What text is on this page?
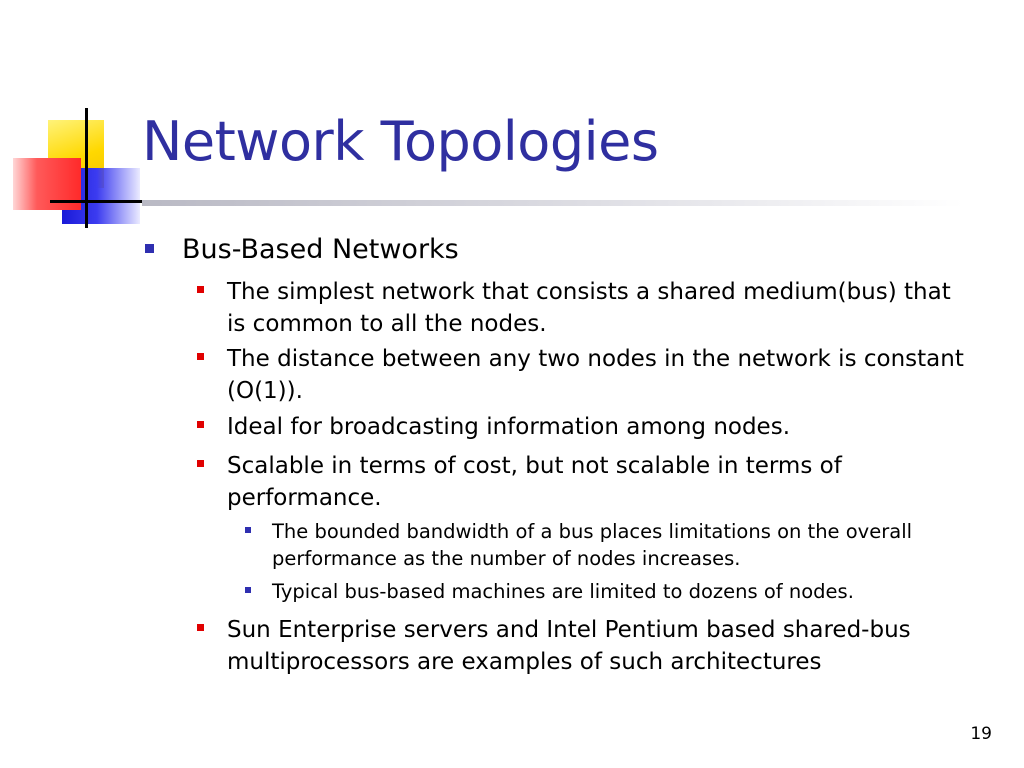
Network Topologies
Bus-Based Networks
The simplest network that consists a shared medium(bus) that is common to all the nodes.
The distance between any two nodes in the network is constant (O(1)).
Ideal for broadcasting information among nodes.
Scalable in terms of cost, but not scalable in terms of performance.
The bounded bandwidth of a bus places limitations on the overall performance as the number of nodes increases.
Typical bus-based machines are limited to dozens of nodes.
Sun Enterprise servers and Intel Pentium based shared-bus multiprocessors are examples of such architectures
19
